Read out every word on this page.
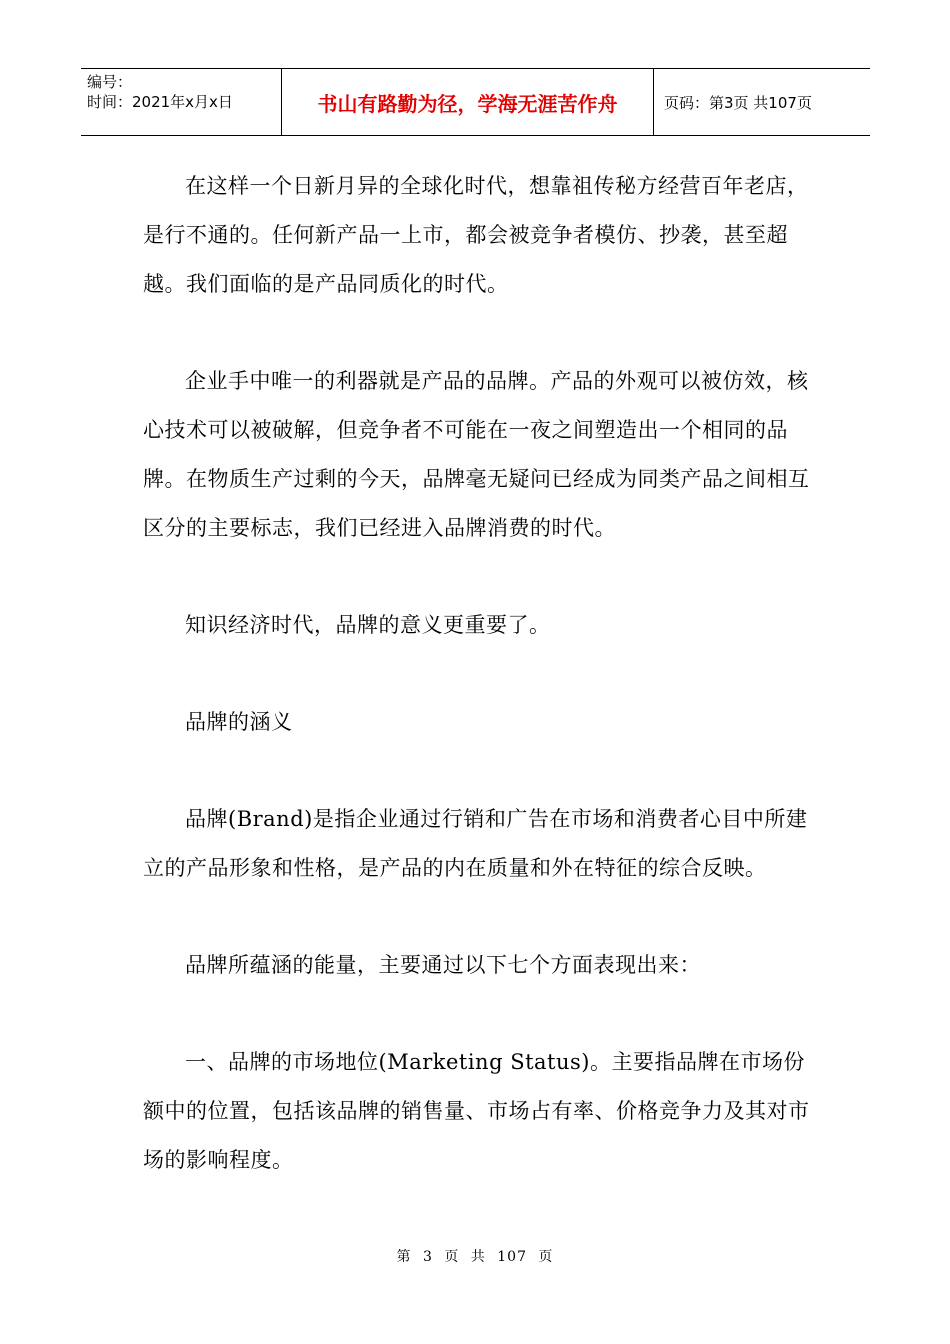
编号：
时间：2021年x月x日	书山有路勤为径，学海无涯苦作舟	页码：第3页 共107页

在这样一个日新月异的全球化时代，想靠祖传秘方经营百年老店，是行不通的。任何新产品一上市，都会被竞争者模仿、抄袭，甚至超越。我们面临的是产品同质化的时代。

企业手中唯一的利器就是产品的品牌。产品的外观可以被仿效，核心技术可以被破解，但竞争者不可能在一夜之间塑造出一个相同的品牌。在物质生产过剩的今天，品牌毫无疑问已经成为同类产品之间相互区分的主要标志，我们已经进入品牌消费的时代。

知识经济时代，品牌的意义更重要了。

品牌的涵义

品牌(Brand)是指企业通过行销和广告在市场和消费者心目中所建立的产品形象和性格，是产品的内在质量和外在特征的综合反映。

品牌所蕴涵的能量，主要通过以下七个方面表现出来：

一、品牌的市场地位(Marketing Status)。主要指品牌在市场份额中的位置，包括该品牌的销售量、市场占有率、价格竞争力及其对市场的影响程度。

第 3 页 共 107 页
